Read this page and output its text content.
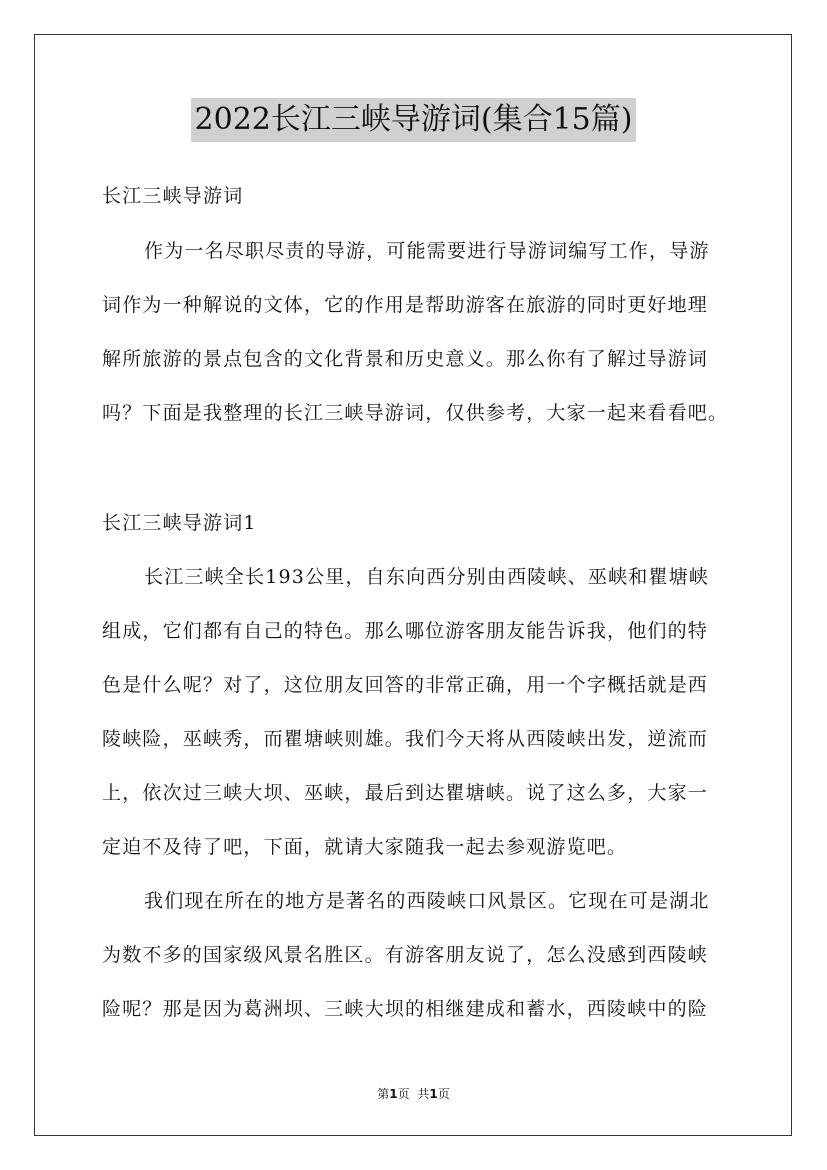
2022长江三峡导游词(集合15篇)
长江三峡导游词
作为一名尽职尽责的导游，可能需要进行导游词编写工作，导游
词作为一种解说的文体，它的作用是帮助游客在旅游的同时更好地理
解所旅游的景点包含的文化背景和历史意义。那么你有了解过导游词
吗？下面是我整理的长江三峡导游词，仅供参考，大家一起来看看吧。
长江三峡导游词1
长江三峡全长193公里，自东向西分别由西陵峡、巫峡和瞿塘峡
组成，它们都有自己的特色。那么哪位游客朋友能告诉我，他们的特
色是什么呢？对了，这位朋友回答的非常正确，用一个字概括就是西
陵峡险，巫峡秀，而瞿塘峡则雄。我们今天将从西陵峡出发，逆流而
上，依次过三峡大坝、巫峡，最后到达瞿塘峡。说了这么多，大家一
定迫不及待了吧，下面，就请大家随我一起去参观游览吧。
我们现在所在的地方是著名的西陵峡口风景区。它现在可是湖北
为数不多的国家级风景名胜区。有游客朋友说了，怎么没感到西陵峡
险呢？那是因为葛洲坝、三峡大坝的相继建成和蓄水，西陵峡中的险
第1页 共1页
